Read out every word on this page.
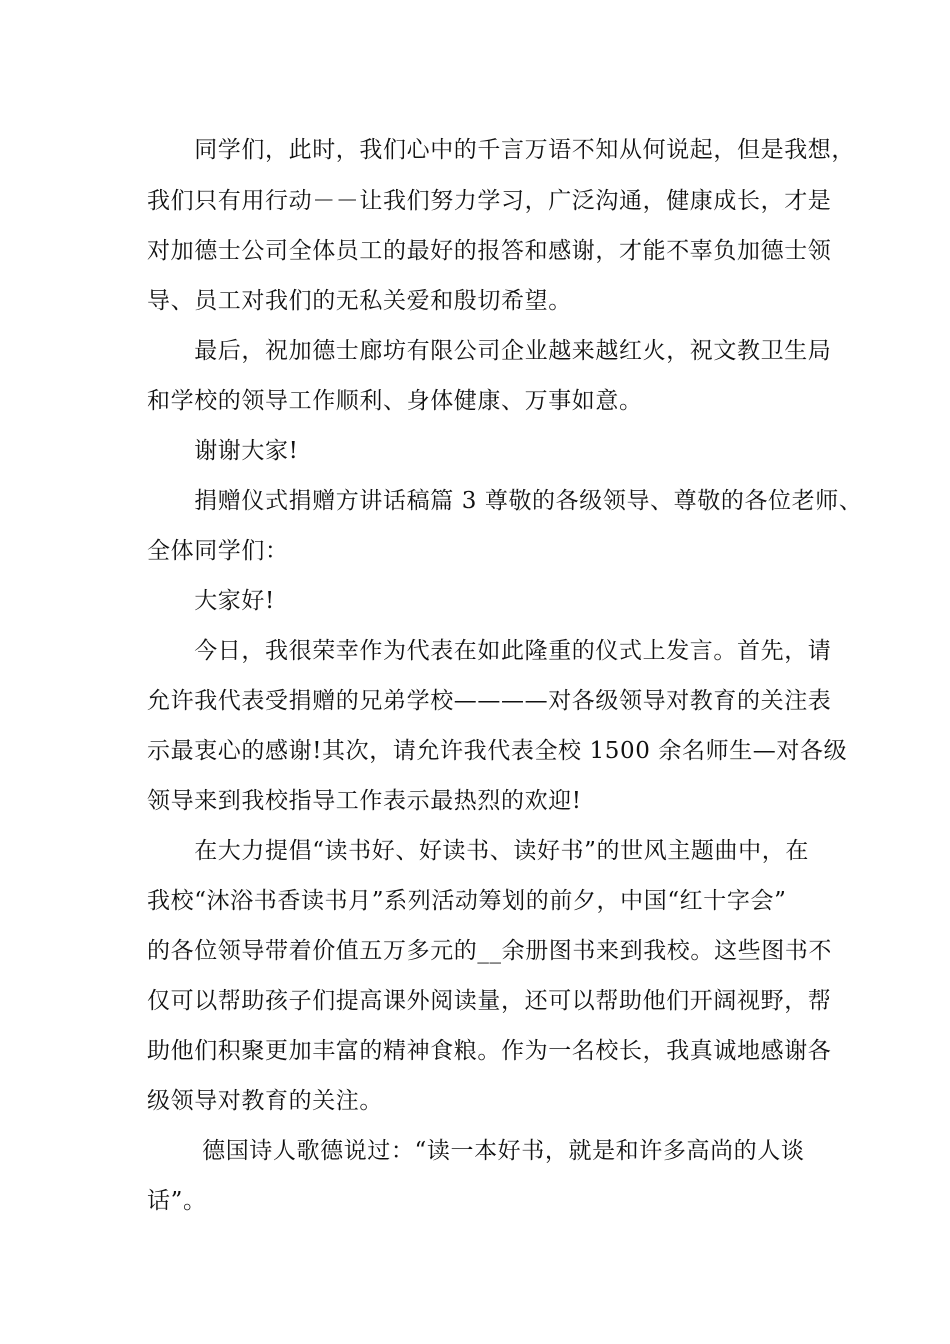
　　同学们，此时，我们心中的千言万语不知从何说起，但是我想，
我们只有用行动－－让我们努力学习，广泛沟通，健康成长，才是
对加德士公司全体员工的最好的报答和感谢，才能不辜负加德士领
导、员工对我们的无私关爱和殷切希望。
　　最后，祝加德士廊坊有限公司企业越来越红火，祝文教卫生局
和学校的领导工作顺利、身体健康、万事如意。
　　谢谢大家!
　　捐赠仪式捐赠方讲话稿篇 3 尊敬的各级领导、尊敬的各位老师、
全体同学们：
　　大家好!
　　今日，我很荣幸作为代表在如此隆重的仪式上发言。首先，请
允许我代表受捐赠的兄弟学校————对各级领导对教育的关注表
示最衷心的感谢!其次，请允许我代表全校 1500 余名师生—对各级
领导来到我校指导工作表示最热烈的欢迎!
　　在大力提倡“读书好、好读书、读好书”的世风主题曲中，在
我校“沐浴书香读书月”系列活动筹划的前夕，中国“红十字会”
的各位领导带着价值五万多元的__余册图书来到我校。这些图书不
仅可以帮助孩子们提高课外阅读量，还可以帮助他们开阔视野，帮
助他们积聚更加丰富的精神食粮。作为一名校长，我真诚地感谢各
级领导对教育的关注。
　　 德国诗人歌德说过：“读一本好书，就是和许多高尚的人谈
话”。
